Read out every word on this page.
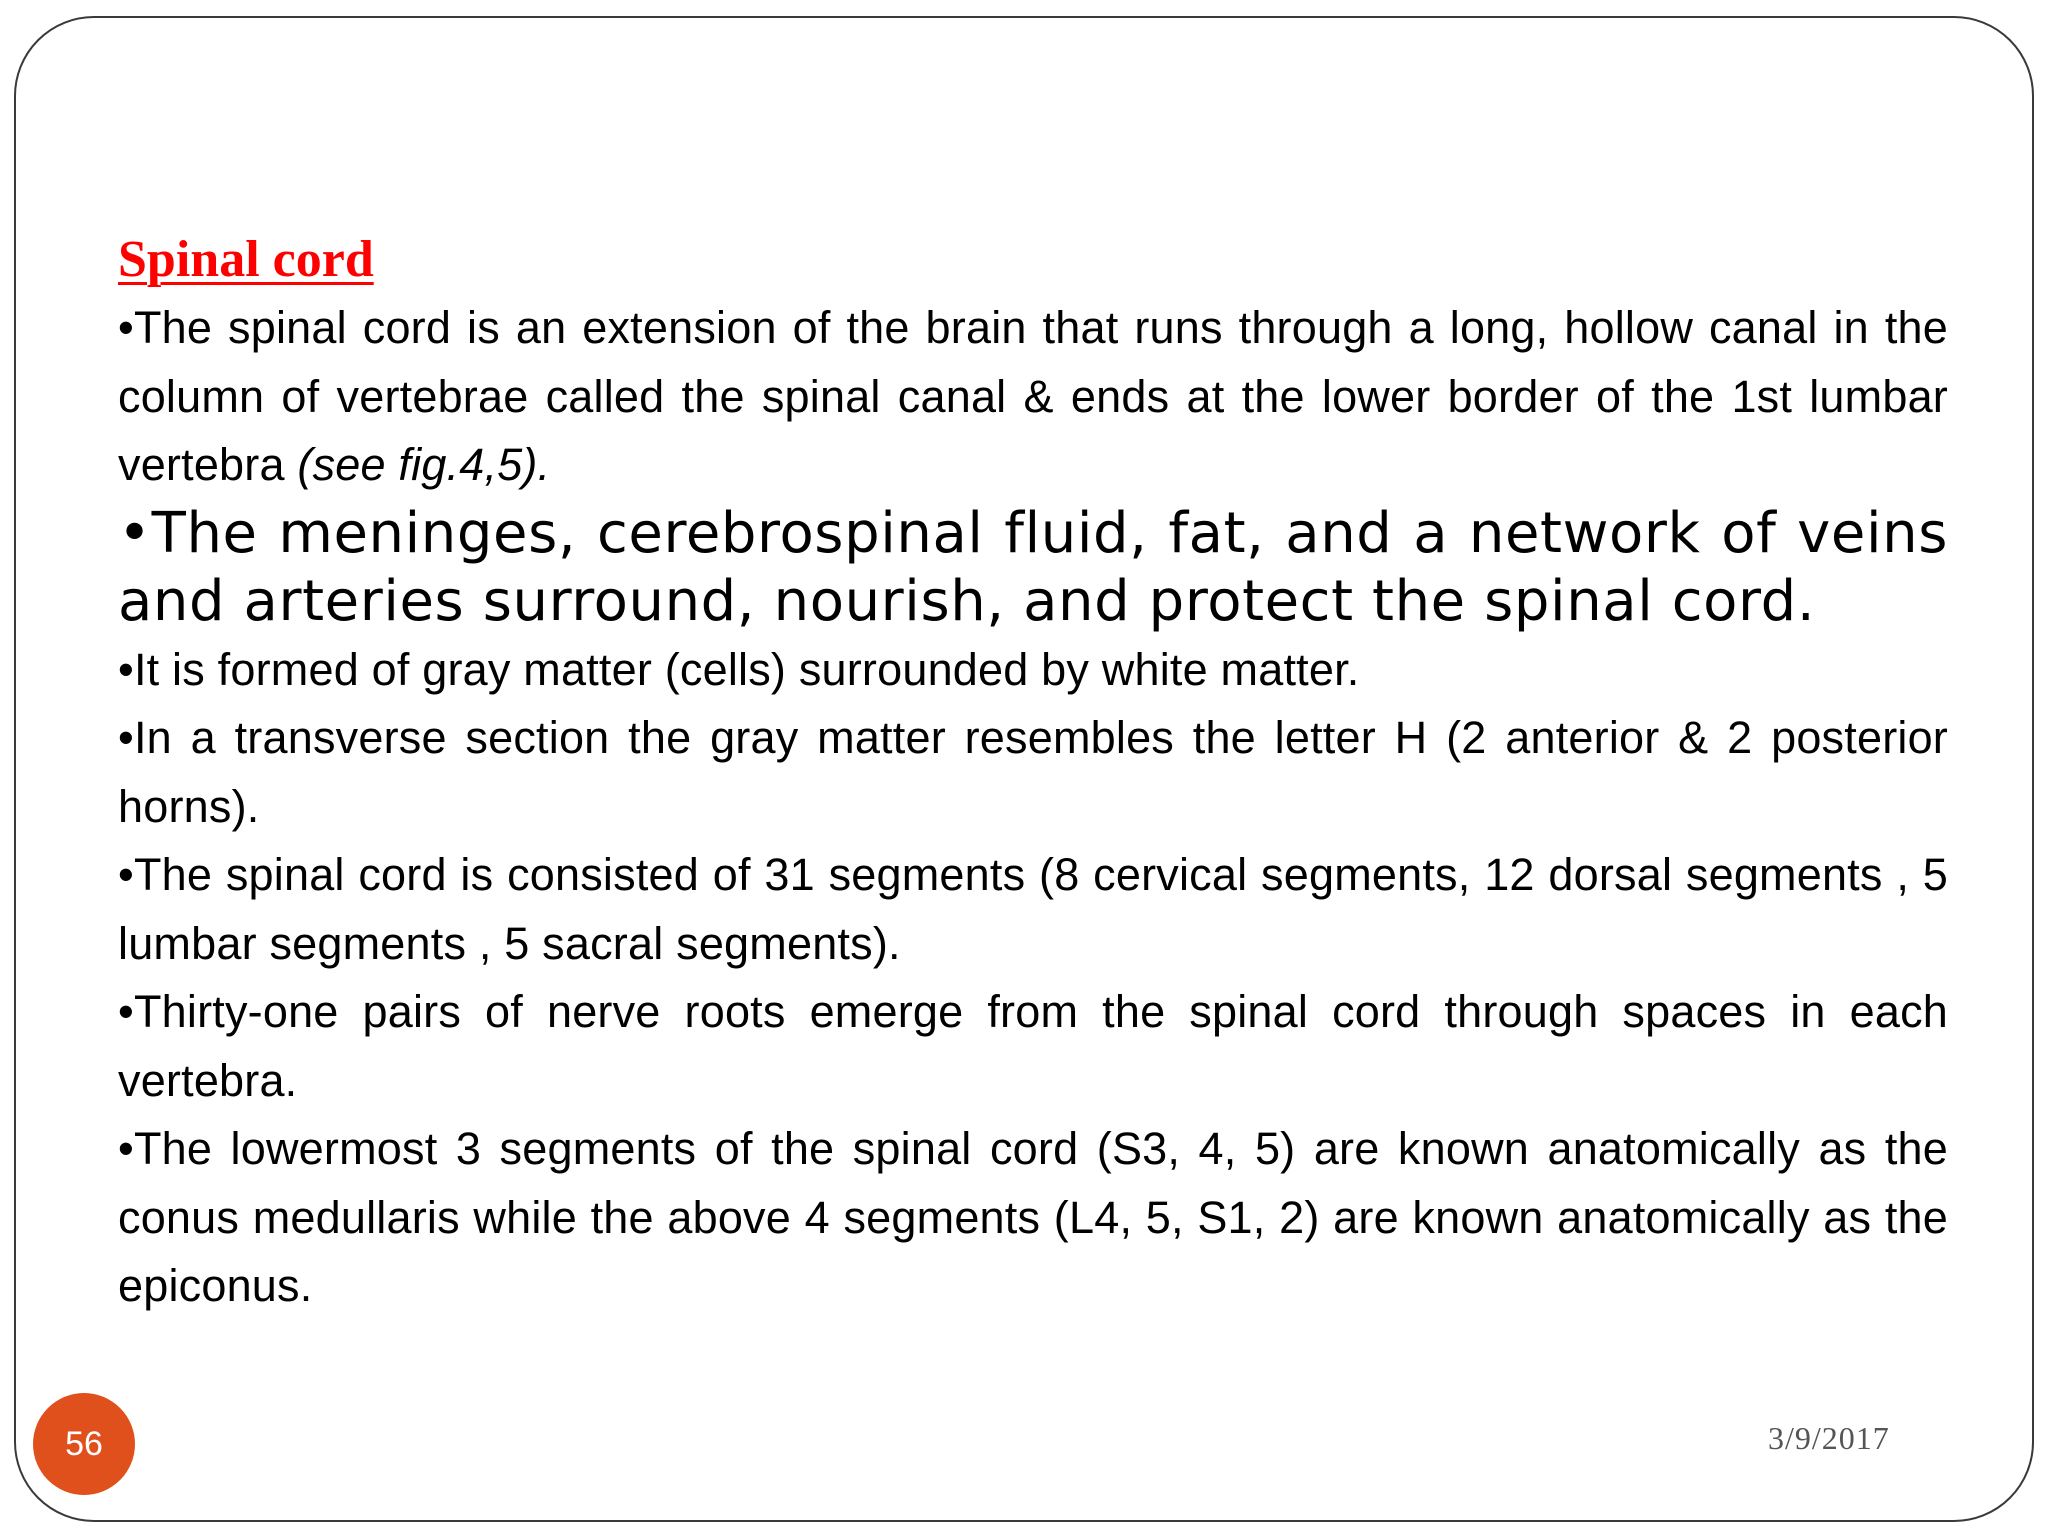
Spinal cord

•The spinal cord is an extension of the brain that runs through a long, hollow canal in the column of vertebrae called the spinal canal & ends at the lower border of the 1st lumbar vertebra (see fig.4,5).

•The meninges, cerebrospinal fluid, fat, and a network of veins and arteries surround, nourish, and protect the spinal cord.

•It is formed of gray matter (cells) surrounded by white matter.

•In a transverse section the gray matter resembles the letter H (2 anterior & 2 posterior horns).

•The spinal cord is consisted of 31 segments (8 cervical segments, 12 dorsal segments , 5 lumbar segments , 5 sacral segments).

•Thirty-one pairs of nerve roots emerge from the spinal cord through spaces in each vertebra.

•The lowermost 3 segments of the spinal cord (S3, 4, 5) are known anatomically as the conus medullaris while the above 4 segments (L4, 5, S1, 2) are known anatomically as the epiconus.

56	3/9/2017
